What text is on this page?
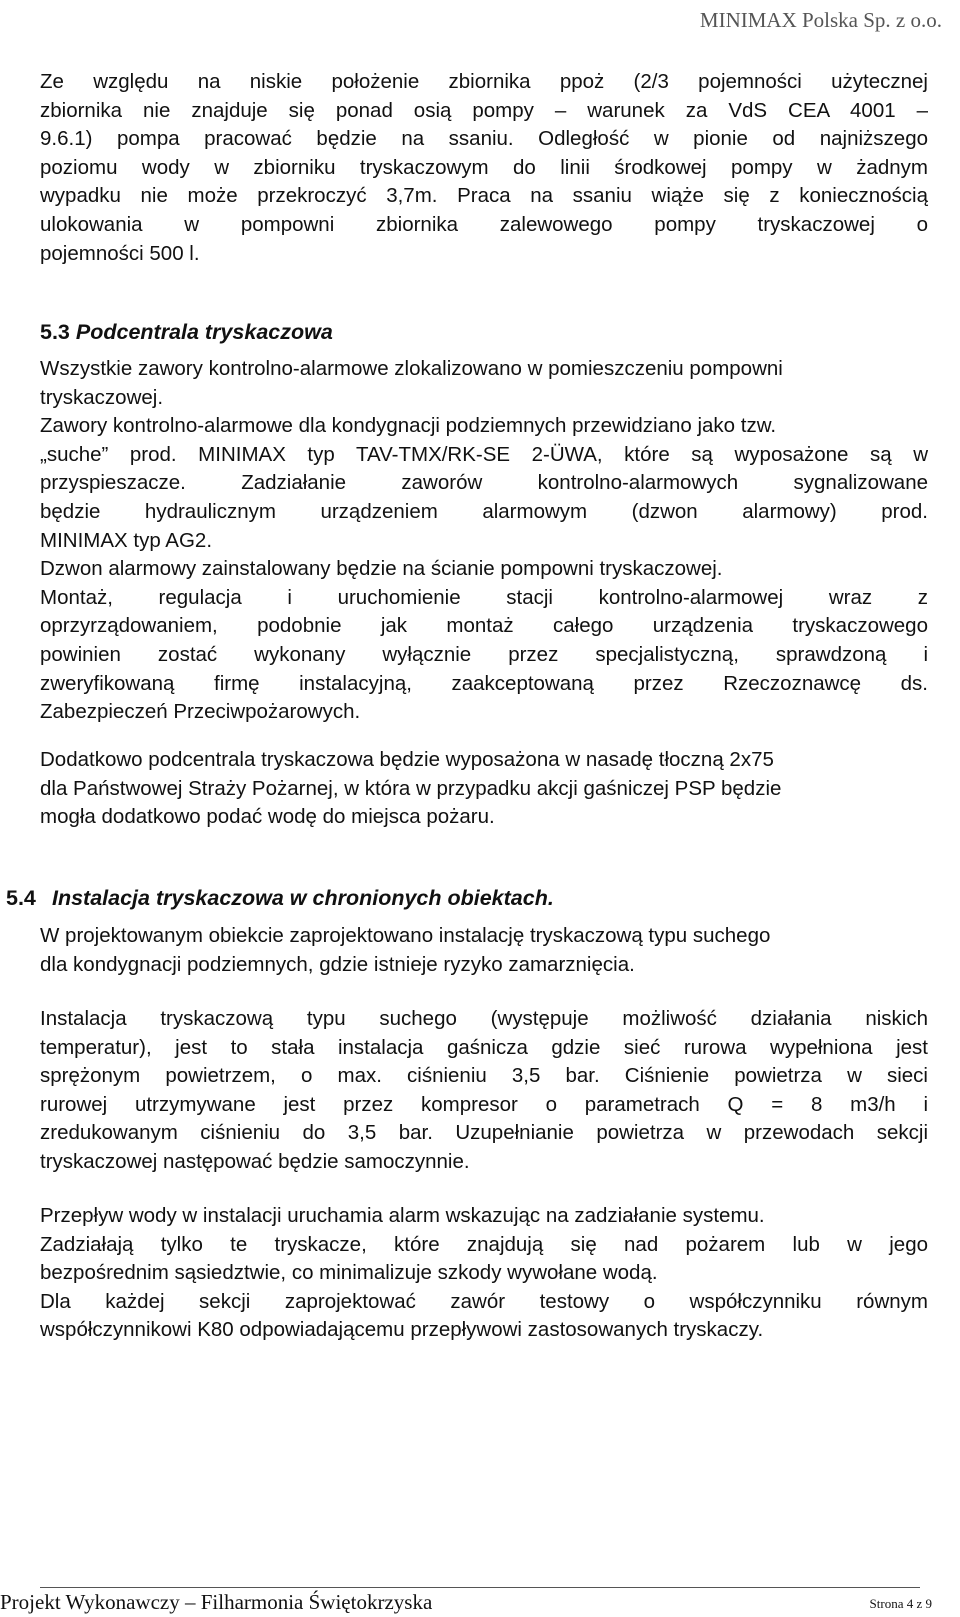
MINIMAX Polska Sp. z o.o.
Ze względu na niskie położenie zbiornika ppoż (2/3 pojemności użytecznej
zbiornika nie znajduje się ponad osią pompy – warunek za VdS CEA 4001 –
9.6.1) pompa pracować będzie na ssaniu. Odległość w pionie od najniższego
poziomu wody w zbiorniku tryskaczowym do linii środkowej pompy w żadnym
wypadku nie może przekroczyć 3,7m. Praca na ssaniu wiąże się z koniecznością
ulokowania w pompowni zbiornika zalewowego pompy tryskaczowej o
pojemności 500 l.
5.3 Podcentrala tryskaczowa
Wszystkie zawory kontrolno-alarmowe zlokalizowano w pomieszczeniu pompowni
tryskaczowej.
Zawory kontrolno-alarmowe dla kondygnacji podziemnych przewidziano jako tzw.
„suche” prod. MINIMAX typ TAV-TMX/RK-SE 2-ÜWA, które są wyposażone są w
przyspieszacze. Zadziałanie zaworów kontrolno-alarmowych sygnalizowane
będzie hydraulicznym urządzeniem alarmowym (dzwon alarmowy) prod.
MINIMAX typ AG2.
Dzwon alarmowy zainstalowany będzie na ścianie pompowni tryskaczowej.
Montaż, regulacja i uruchomienie stacji kontrolno-alarmowej wraz z
oprzyrządowaniem, podobnie jak montaż całego urządzenia tryskaczowego
powinien zostać wykonany wyłącznie przez specjalistyczną, sprawdzoną i
zweryfikowaną firmę instalacyjną, zaakceptowaną przez Rzeczoznawcę ds.
Zabezpieczeń Przeciwpożarowych.
Dodatkowo podcentrala tryskaczowa będzie wyposażona w nasadę tłoczną 2x75
dla Państwowej Straży Pożarnej, w która w przypadku akcji gaśniczej PSP będzie
mogła dodatkowo podać wodę do miejsca pożaru.
5.4 Instalacja tryskaczowa w chronionych obiektach.
W projektowanym obiekcie zaprojektowano instalację tryskaczową typu suchego
dla kondygnacji podziemnych, gdzie istnieje ryzyko zamarznięcia.
Instalacja tryskaczową typu suchego (występuje możliwość działania niskich
temperatur), jest to stała instalacja gaśnicza gdzie sieć rurowa wypełniona jest
sprężonym powietrzem, o max. ciśnieniu 3,5 bar. Ciśnienie powietrza w sieci
rurowej utrzymywane jest przez kompresor o parametrach Q = 8 m3/h i
zredukowanym ciśnieniu do 3,5 bar. Uzupełnianie powietrza w przewodach sekcji
tryskaczowej następować będzie samoczynnie.
Przepływ wody w instalacji uruchamia alarm wskazując na zadziałanie systemu.
Zadziałają tylko te tryskacze, które znajdują się nad pożarem lub w jego
bezpośrednim sąsiedztwie, co minimalizuje szkody wywołane wodą.
Dla każdej sekcji zaprojektować zawór testowy o współczynniku równym
współczynnikowi K80 odpowiadającemu przepływowi zastosowanych tryskaczy.
Projekt Wykonawczy – Filharmonia Świętokrzyska	Strona 4 z 9
